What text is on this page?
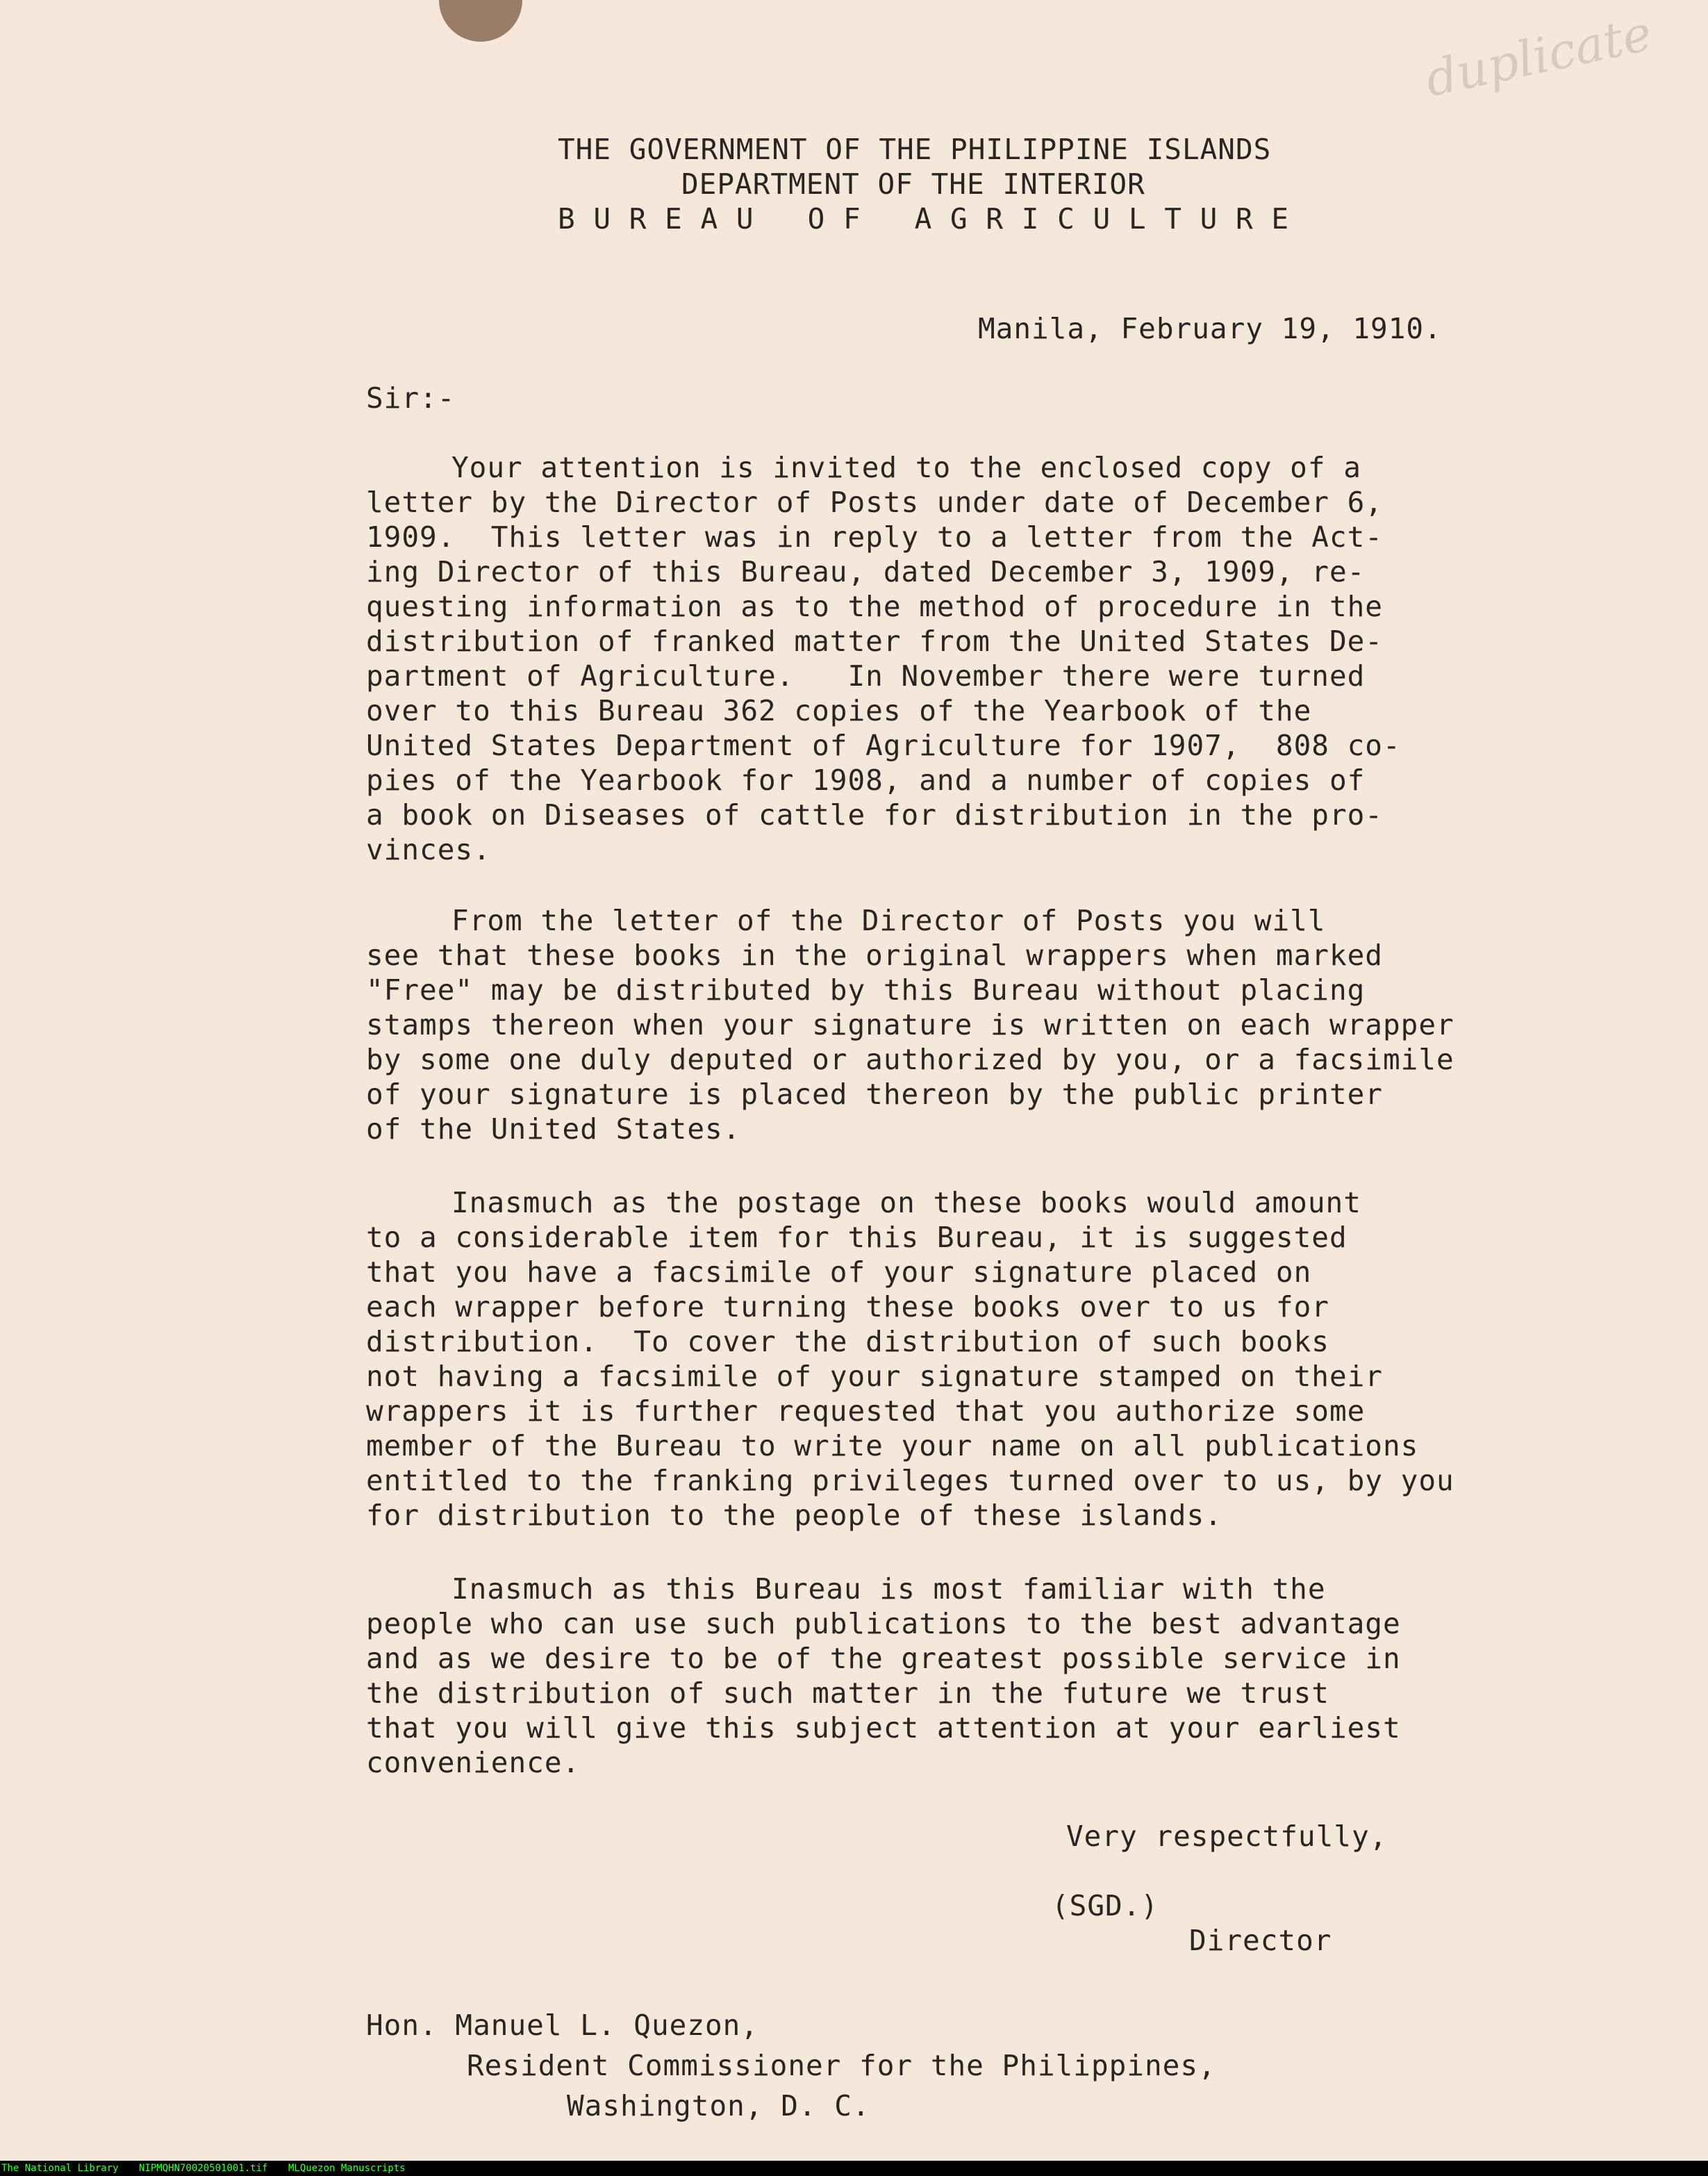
duplicate
THE GOVERNMENT OF THE PHILIPPINE ISLANDS
DEPARTMENT OF THE INTERIOR
B U R E A U   O F   A G R I C U L T U R E
Manila, February 19, 1910.
Sir:-
Your attention is invited to the enclosed copy of a
letter by the Director of Posts under date of December 6,
1909.  This letter was in reply to a letter from the Act-
ing Director of this Bureau, dated December 3, 1909, re-
questing information as to the method of procedure in the
distribution of franked matter from the United States De-
partment of Agriculture.   In November there were turned
over to this Bureau 362 copies of the Yearbook of the
United States Department of Agriculture for 1907,  808 co-
pies of the Yearbook for 1908, and a number of copies of
a book on Diseases of cattle for distribution in the pro-
vinces.
From the letter of the Director of Posts you will
see that these books in the original wrappers when marked
"Free" may be distributed by this Bureau without placing
stamps thereon when your signature is written on each wrapper
by some one duly deputed or authorized by you, or a facsimile
of your signature is placed thereon by the public printer
of the United States.
Inasmuch as the postage on these books would amount
to a considerable item for this Bureau, it is suggested
that you have a facsimile of your signature placed on
each wrapper before turning these books over to us for
distribution.  To cover the distribution of such books
not having a facsimile of your signature stamped on their
wrappers it is further requested that you authorize some
member of the Bureau to write your name on all publications
entitled to the franking privileges turned over to us, by you
for distribution to the people of these islands.
Inasmuch as this Bureau is most familiar with the
people who can use such publications to the best advantage
and as we desire to be of the greatest possible service in
the distribution of such matter in the future we trust
that you will give this subject attention at your earliest
convenience.
Very respectfully,
(SGD.)
Director
Hon. Manuel L. Quezon,
Resident Commissioner for the Philippines,
Washington, D. C.

The National Library

NIPMQHN70020501001.tif

MLQuezon Manuscripts
